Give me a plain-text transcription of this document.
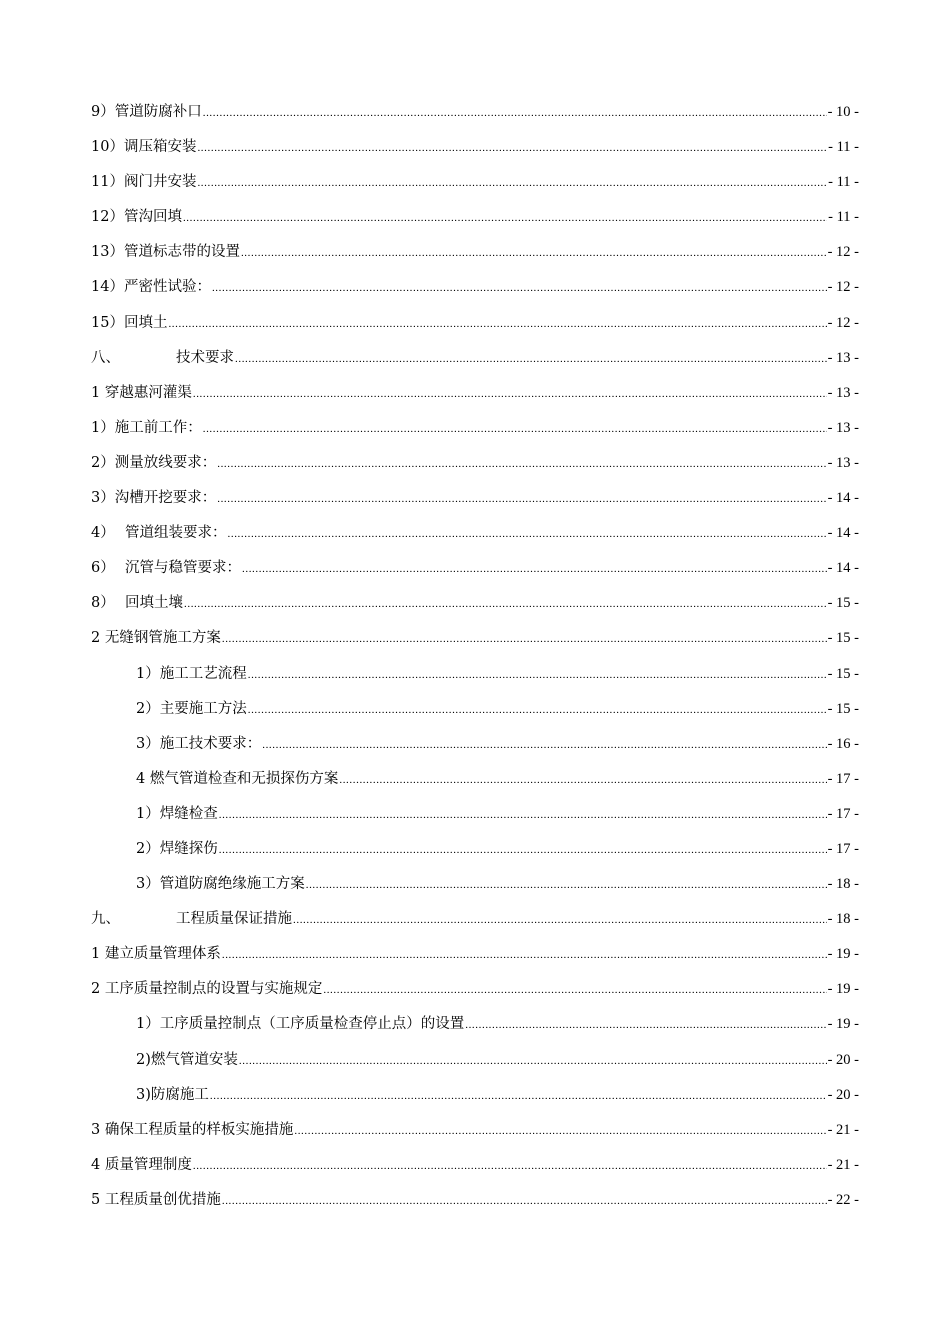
9）管道防腐补口 .....	- 10 -
10）调压箱安装 .....	- 11 -
11）阀门井安装 .....	- 11 -
12）管沟回填 .....	- 11 -
13）管道标志带的设置 .....	- 12 -
14）严密性试验： .....	- 12 -
15）回填土 .....	- 12 -
八、	技术要求 .....	- 13 -
1 穿越惠河灌渠 .....	- 13 -
1）施工前工作： .....	- 13 -
2）测量放线要求： .....	- 13 -
3）沟槽开挖要求： .....	- 14 -
4） 管道组装要求： .....	- 14 -
6） 沉管与稳管要求： .....	- 14 -
8） 回填土壤 .....	- 15 -
2 无缝钢管施工方案 .....	- 15 -
1）施工工艺流程 .....	- 15 -
2）主要施工方法 .....	- 15 -
3）施工技术要求： .....	- 16 -
4 燃气管道检查和无损探伤方案 .....	- 17 -
1）焊缝检查 .....	- 17 -
2）焊缝探伤 .....	- 17 -
3）管道防腐绝缘施工方案 .....	- 18 -
九、	工程质量保证措施 .....	- 18 -
1 建立质量管理体系 .....	- 19 -
2 工序质量控制点的设置与实施规定 .....	- 19 -
1）工序质量控制点（工序质量检查停止点）的设置 .....	- 19 -
2)燃气管道安装 .....	- 20 -
3)防腐施工 .....	- 20 -
3 确保工程质量的样板实施措施 .....	- 21 -
4 质量管理制度 .....	- 21 -
5 工程质量创优措施 .....	- 22 -
